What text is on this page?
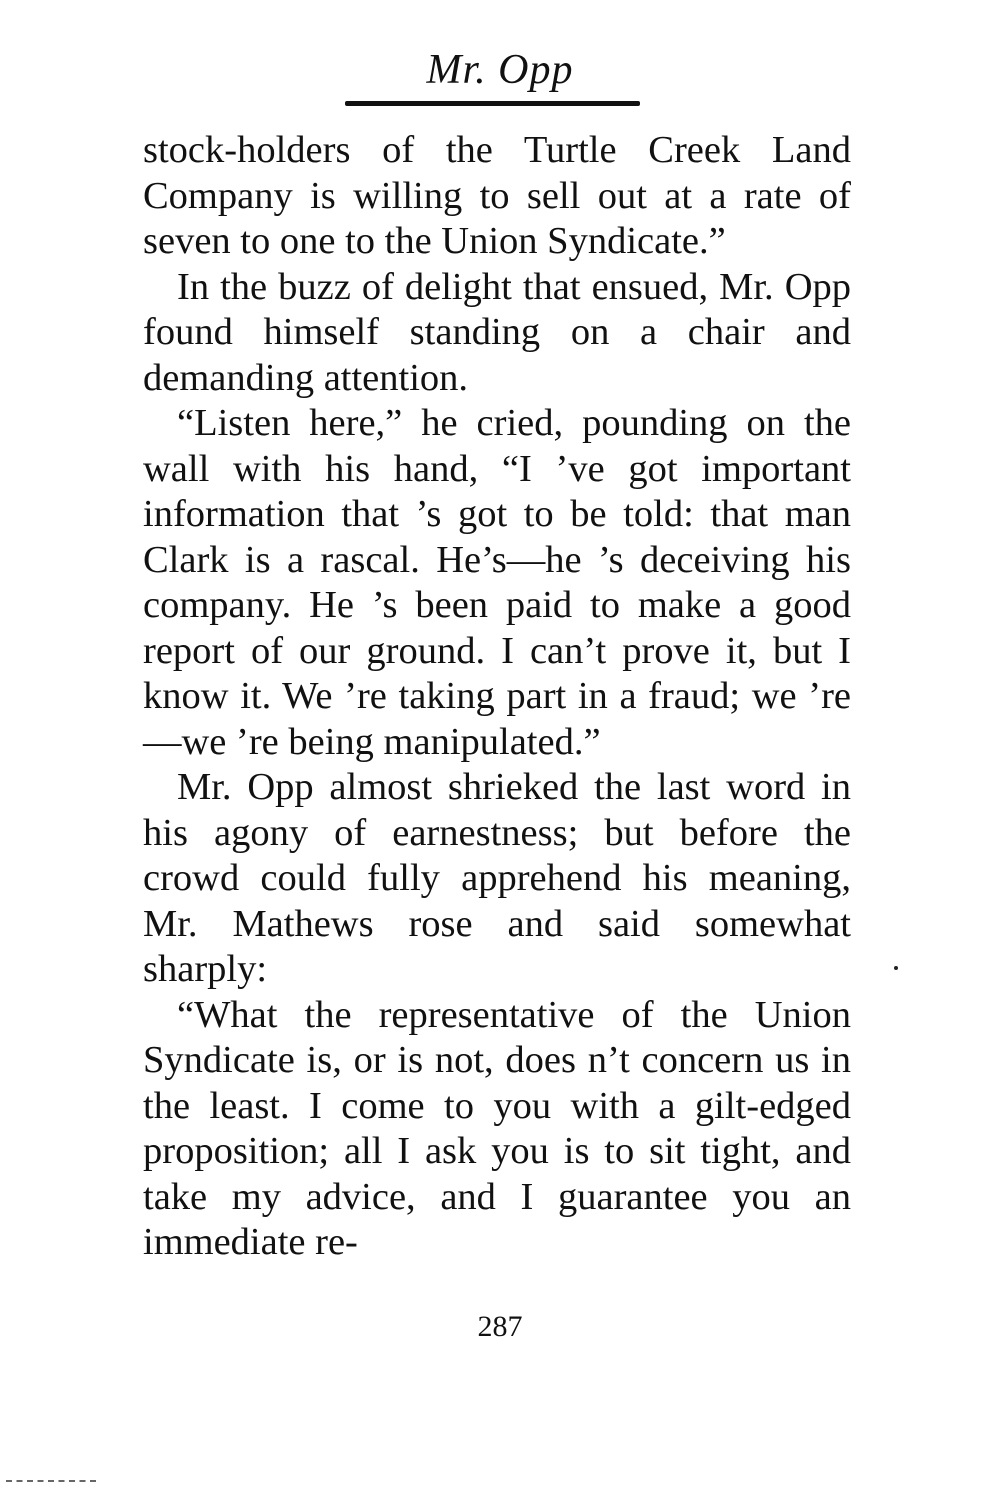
Mr. Opp

stock-holders of the Turtle Creek Land Company is willing to sell out at a rate of seven to one to the Union Syndicate.”

In the buzz of delight that ensued, Mr. Opp found himself standing on a chair and demanding attention.

“Listen here,” he cried, pounding on the wall with his hand, “I ’ve got important information that ’s got to be told: that man Clark is a rascal. He’s—he ’s deceiving his company. He ’s been paid to make a good report of our ground. I can’t prove it, but I know it. We ’re taking part in a fraud; we ’re—we ’re being manipulated.”

Mr. Opp almost shrieked the last word in his agony of earnestness; but before the crowd could fully apprehend his meaning, Mr. Mathews rose and said somewhat sharply:

“What the representative of the Union Syndicate is, or is not, does n’t concern us in the least. I come to you with a gilt-edged proposition; all I ask you is to sit tight, and take my advice, and I guarantee you an immediate re-

287
